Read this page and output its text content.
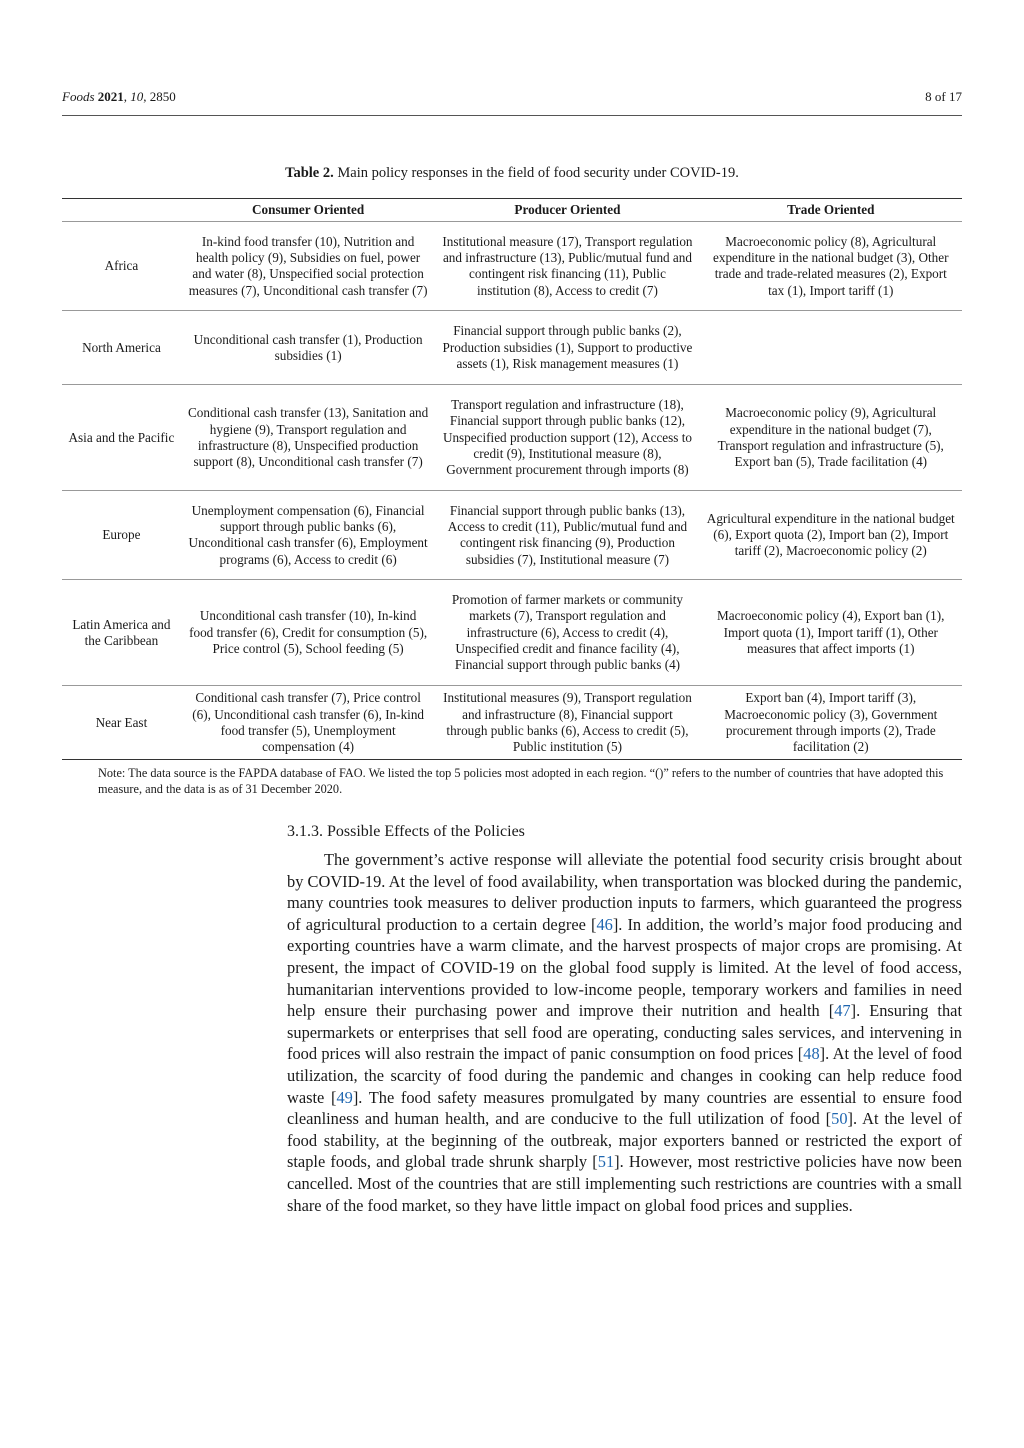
Foods 2021, 10, 2850	8 of 17
Table 2. Main policy responses in the field of food security under COVID-19.
	Consumer Oriented	Producer Oriented	Trade Oriented
Africa	In-kind food transfer (10), Nutrition and health policy (9), Subsidies on fuel, power and water (8), Unspecified social protection measures (7), Unconditional cash transfer (7)	Institutional measure (17), Transport regulation and infrastructure (13), Public/mutual fund and contingent risk financing (11), Public institution (8), Access to credit (7)	Macroeconomic policy (8), Agricultural expenditure in the national budget (3), Other trade and trade-related measures (2), Export tax (1), Import tariff (1)
North America	Unconditional cash transfer (1), Production subsidies (1)	Financial support through public banks (2), Production subsidies (1), Support to productive assets (1), Risk management measures (1)	
Asia and the Pacific	Conditional cash transfer (13), Sanitation and hygiene (9), Transport regulation and infrastructure (8), Unspecified production support (8), Unconditional cash transfer (7)	Transport regulation and infrastructure (18), Financial support through public banks (12), Unspecified production support (12), Access to credit (9), Institutional measure (8), Government procurement through imports (8)	Macroeconomic policy (9), Agricultural expenditure in the national budget (7), Transport regulation and infrastructure (5), Export ban (5), Trade facilitation (4)
Europe	Unemployment compensation (6), Financial support through public banks (6), Unconditional cash transfer (6), Employment programs (6), Access to credit (6)	Financial support through public banks (13), Access to credit (11), Public/mutual fund and contingent risk financing (9), Production subsidies (7), Institutional measure (7)	Agricultural expenditure in the national budget (6), Export quota (2), Import ban (2), Import tariff (2), Macroeconomic policy (2)
Latin America and the Caribbean	Unconditional cash transfer (10), In-kind food transfer (6), Credit for consumption (5), Price control (5), School feeding (5)	Promotion of farmer markets or community markets (7), Transport regulation and infrastructure (6), Access to credit (4), Unspecified credit and finance facility (4), Financial support through public banks (4)	Macroeconomic policy (4), Export ban (1), Import quota (1), Import tariff (1), Other measures that affect imports (1)
Near East	Conditional cash transfer (7), Price control (6), Unconditional cash transfer (6), In-kind food transfer (5), Unemployment compensation (4)	Institutional measures (9), Transport regulation and infrastructure (8), Financial support through public banks (6), Access to credit (5), Public institution (5)	Export ban (4), Import tariff (3), Macroeconomic policy (3), Government procurement through imports (2), Trade facilitation (2)
Note: The data source is the FAPDA database of FAO. We listed the top 5 policies most adopted in each region. “()” refers to the number of countries that have adopted this measure, and the data is as of 31 December 2020.
3.1.3. Possible Effects of the Policies

The government’s active response will alleviate the potential food security crisis brought about by COVID-19. At the level of food availability, when transportation was blocked during the pandemic, many countries took measures to deliver production inputs to farmers, which guaranteed the progress of agricultural production to a certain degree [46]. In addition, the world’s major food producing and exporting countries have a warm climate, and the harvest prospects of major crops are promising. At present, the impact of COVID-19 on the global food supply is limited. At the level of food access, humanitarian interventions provided to low-income people, temporary workers and families in need help ensure their purchasing power and improve their nutrition and health [47]. Ensuring that supermarkets or enterprises that sell food are operating, conducting sales services, and intervening in food prices will also restrain the impact of panic consumption on food prices [48]. At the level of food utilization, the scarcity of food during the pandemic and changes in cooking can help reduce food waste [49]. The food safety measures promulgated by many countries are essential to ensure food cleanliness and human health, and are conducive to the full utilization of food [50]. At the level of food stability, at the beginning of the outbreak, major exporters banned or restricted the export of staple foods, and global trade shrunk sharply [51]. However, most restrictive policies have now been cancelled. Most of the countries that are still implementing such restrictions are countries with a small share of the food market, so they have little impact on global food prices and supplies.
